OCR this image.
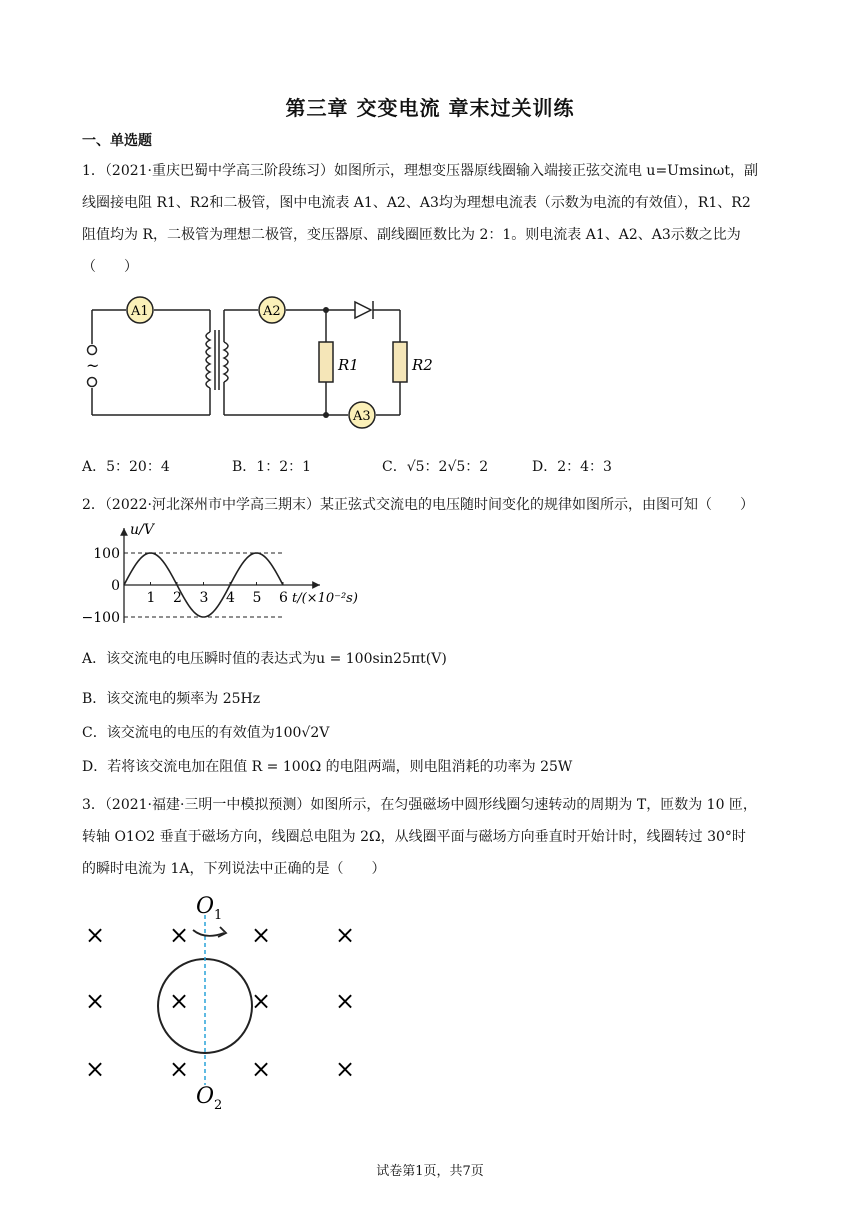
第三章 交变电流 章末过关训练
一、单选题
1．（2021·重庆巴蜀中学高三阶段练习）如图所示，理想变压器原线圈输入端接正弦交流电 u=Umsinωt，副
线圈接电阻 R1、R2和二极管，图中电流表 A1、A2、A3均为理想电流表（示数为电流的有效值），R1、R2
阻值均为 R，二极管为理想二极管，变压器原、副线圈匝数比为 2：1。则电流表 A1、A2、A3示数之比为
（　　）
~	R1	R2
A1	A2
A3
A．5：20：4	B．1：2：1	C．√5：2√5：2	D．2：4：3
2．（2022·河北深州市中学高三期末）某正弦式交流电的电压随时间变化的规律如图所示，由图可知（　　）
1 2 3 4 5 6
100
0
−100
u/V
t/(×10⁻²s)
A．该交流电的电压瞬时值的表达式为u = 100sin25πt(V)
B．该交流电的频率为 25Hz
C．该交流电的电压的有效值为100√2V
D．若将该交流电加在阻值 R = 100Ω 的电阻两端，则电阻消耗的功率为 25W
3．（2021·福建·三明一中模拟预测）如图所示，在匀强磁场中圆形线圈匀速转动的周期为 T，匝数为 10 匝，
转轴 O1O2 垂直于磁场方向，线圈总电阻为 2Ω，从线圈平面与磁场方向垂直时开始计时，线圈转过 30°时
的瞬时电流为 1A，下列说法中正确的是（　　）
×	×	×	×
×	×	×	×
×	×	×	×
$O_1$
$O_2$
试卷第1页，共7页
